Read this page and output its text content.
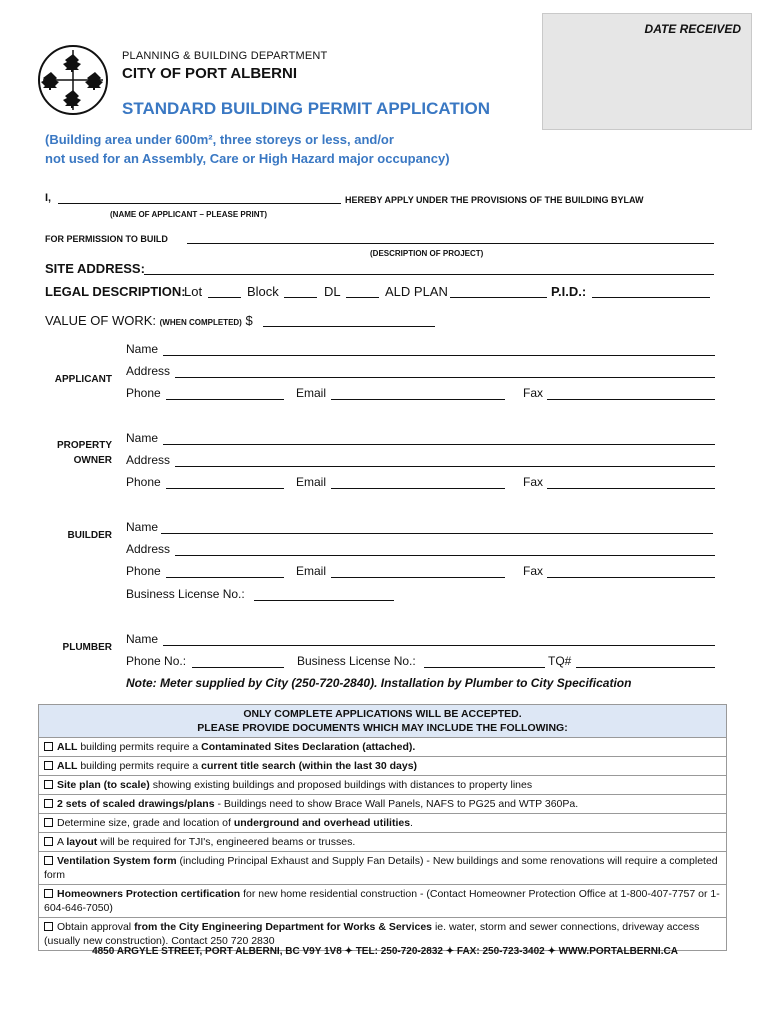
DATE RECEIVED
PLANNING & BUILDING DEPARTMENT
CITY OF PORT ALBERNI
STANDARD BUILDING PERMIT APPLICATION
(Building area under 600m², three storeys or less, and/or
not used for an Assembly, Care or High Hazard major occupancy)
I,	HEREBY APPLY UNDER THE PROVISIONS OF THE BUILDING BYLAW
(NAME OF APPLICANT – PLEASE PRINT)
FOR PERMISSION TO BUILD
(DESCRIPTION OF PROJECT)
SITE ADDRESS:
LEGAL DESCRIPTION:
Lot	Block	DL	ALD PLAN	P.I.D.:
VALUE OF WORK: (WHEN COMPLETED) $
APPLICANT
Name
Address
Phone	Email	Fax
PROPERTY
OWNER
Name
Address
Phone	Email	Fax
BUILDER
Name
Address
Phone	Email	Fax
Business License No.:
PLUMBER
Name
Phone No.:	Business License No.:	TQ#
Note: Meter supplied by City (250-720-2840). Installation by Plumber to City Specification
ONLY COMPLETE APPLICATIONS WILL BE ACCEPTED.
PLEASE PROVIDE DOCUMENTS WHICH MAY INCLUDE THE FOLLOWING:

ALL building permits require a Contaminated Sites Declaration (attached).
ALL building permits require a current title search (within the last 30 days)
Site plan (to scale) showing existing buildings and proposed buildings with distances to property lines
2 sets of scaled drawings/plans - Buildings need to show Brace Wall Panels, NAFS to PG25 and WTP 360Pa.
Determine size, grade and location of underground and overhead utilities.
A layout will be required for TJI's, engineered beams or trusses.
Ventilation System form (including Principal Exhaust and Supply Fan Details) - New buildings and some renovations will require a completed form
Homeowners Protection certification for new home residential construction - (Contact Homeowner Protection Office at 1-800-407-7757 or 1-604-646-7050)
Obtain approval from the City Engineering Department for Works & Services ie. water, storm and sewer connections, driveway access (usually new construction). Contact 250 720 2830
4850 ARGYLE STREET, PORT ALBERNI, BC V9Y 1V8 ✦ TEL: 250-720-2832 ✦ FAX: 250-723-3402 ✦ WWW.PORTALBERNI.CA
